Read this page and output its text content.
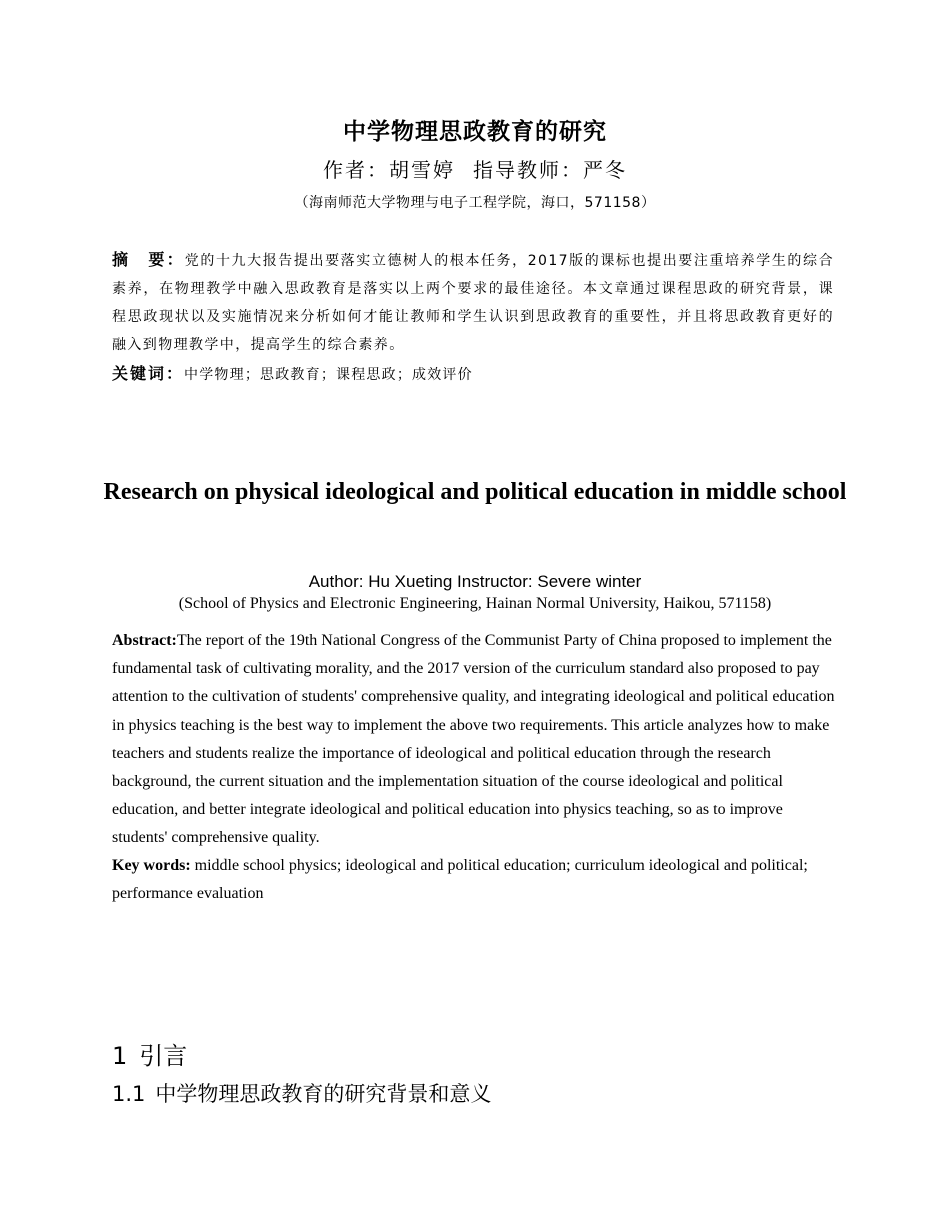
中学物理思政教育的研究
作者：胡雪婷 指导教师：严冬
（海南师范大学物理与电子工程学院，海口，571158）
摘　要：党的十九大报告提出要落实立德树人的根本任务，2017版的课标也提出要注重培养学生的综合素养，在物理教学中融入思政教育是落实以上两个要求的最佳途径。本文章通过课程思政的研究背景，课程思政现状以及实施情况来分析如何才能让教师和学生认识到思政教育的重要性，并且将思政教育更好的融入到物理教学中，提高学生的综合素养。
关键词：中学物理；思政教育；课程思政；成效评价
Research on physical ideological and political education in middle school
Author: Hu Xueting Instructor: Severe winter
(School of Physics and Electronic Engineering, Hainan Normal University, Haikou, 571158)
Abstract:The report of the 19th National Congress of the Communist Party of China proposed to implement the fundamental task of cultivating morality, and the 2017 version of the curriculum standard also proposed to pay attention to the cultivation of students' comprehensive quality, and integrating ideological and political education in physics teaching is the best way to implement the above two requirements. This article analyzes how to make teachers and students realize the importance of ideological and political education through the research background, the current situation and the implementation situation of the course ideological and political education, and better integrate ideological and political education into physics teaching, so as to improve students' comprehensive quality.
Key words: middle school physics; ideological and political education; curriculum ideological and political; performance evaluation
1 引言
1.1 中学物理思政教育的研究背景和意义
